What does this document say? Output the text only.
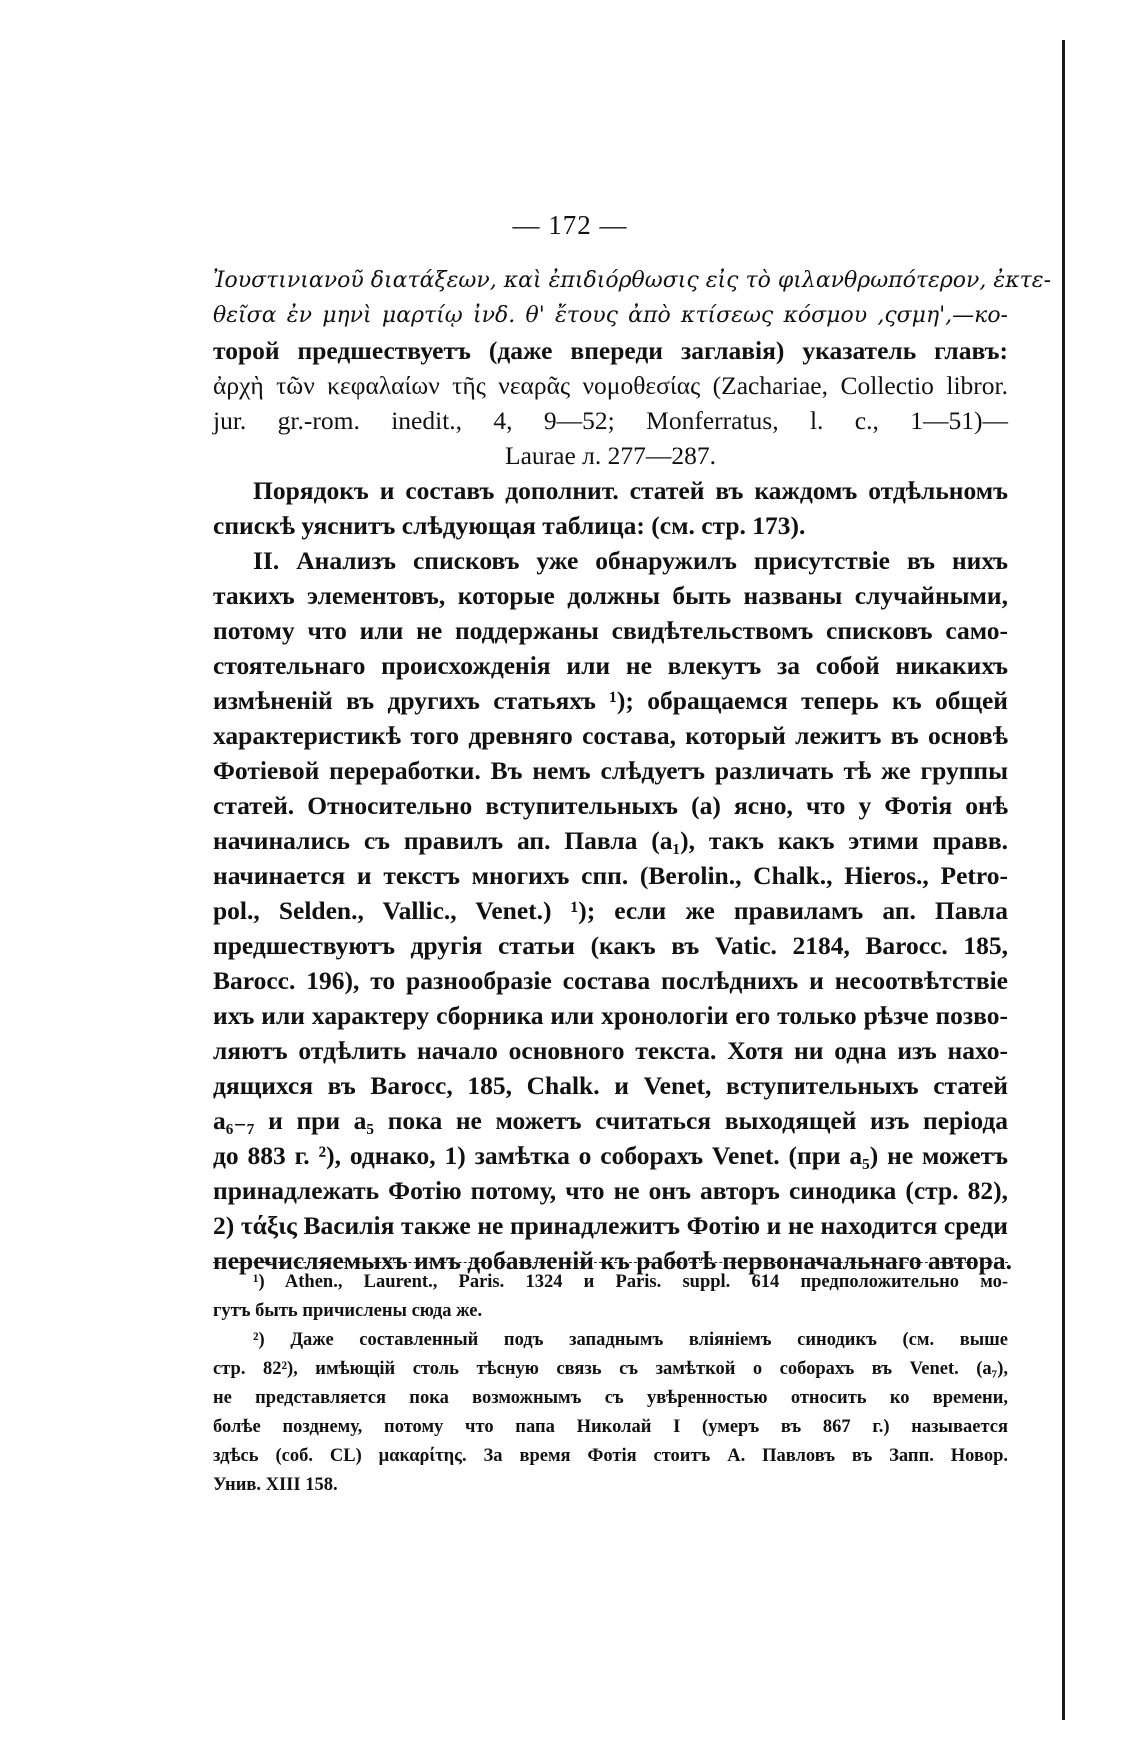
— 172 —
Ἰουστινιανοῦ διατάξεων, καὶ ἐπιδιόρθωσις εἰς τὸ φιλανθρωπότερον, ἐκτε-
θεῖσα ἐν μηνὶ μαρτίῳ ἰνδ. θ' ἔτους ἀπὸ κτίσεως κόσμου ,ςσμη',—ко-
торой предшествуетъ (даже впереди заглавія) указатель главъ:
ἀρχὴ τῶν κεφαλαίων τῆς νεαρᾶς νομοθεσίας (Zachariae, Collectio libror.
jur. gr.-rom. inedit., 4, 9—52; Monferratus, l. c., 1—51)—
Laurae л. 277—287.
Порядокъ и составъ дополнит. статей въ каждомъ отдѣльномъ
спискѣ уяснитъ слѣдующая таблица: (см. стр. 173).
II. Анализъ списковъ уже обнаружилъ присутствіе въ нихъ
такихъ элементовъ, которые должны быть названы случайными,
потому что или не поддержаны свидѣтельствомъ списковъ само-
стоятельнаго происхожденія или не влекутъ за собой никакихъ
измѣненій въ другихъ статьяхъ ¹); обращаемся теперь къ общей
характеристикѣ того древняго состава, который лежитъ въ основѣ
Фотіевой переработки. Въ немъ слѣдуетъ различать тѣ же группы
статей. Относительно вступительныхъ (a) ясно, что у Фотія онѣ
начинались съ правилъ ап. Павла (a₁), такъ какъ этими правв.
начинается и текстъ многихъ спп. (Berolin., Chalk., Hieros., Petro-
pol., Selden., Vallic., Venet.) ¹); если же правиламъ ап. Павла
предшествуютъ другія статьи (какъ въ Vatic. 2184, Barocc. 185,
Barocc. 196), то разнообразіе состава послѣднихъ и несоотвѣтствіе
ихъ или характеру сборника или хронологіи его только рѣзче позво-
ляютъ отдѣлить начало основного текста. Хотя ни одна изъ нахо-
дящихся въ Barocc, 185, Chalk. и Venet, вступительныхъ статей
a₆₋₇ и при a₅ пока не можетъ считаться выходящей изъ періода
до 883 г. ²), однако, 1) замѣтка о соборахъ Venet. (при a₅) не можетъ
принадлежать Фотію потому, что не онъ авторъ синодика (стр. 82),
2) τάξις Василія также не принадлежитъ Фотію и не находится среди
перечисляемыхъ имъ добавленій къ работѣ первоначальнаго автора.
¹) Athen., Laurent., Paris. 1324 и Paris. suppl. 614 предположительно мо-
гутъ быть причислены сюда же.
²) Даже составленный подъ западнымъ вліяніемъ синодикъ (см. выше
стр. 82²), имѣющій столь тѣсную связь съ замѣткой о соборахъ въ Venet. (a₇),
не представляется пока возможнымъ съ увѣренностью относить ко времени,
болѣе позднему, потому что папа Николай I (умеръ въ 867 г.) называется
здѣсь (соб. CL) μακαρίτης. За время Фотія стоитъ А. Павловъ въ Запп. Новор.
Унив. XIII 158.
